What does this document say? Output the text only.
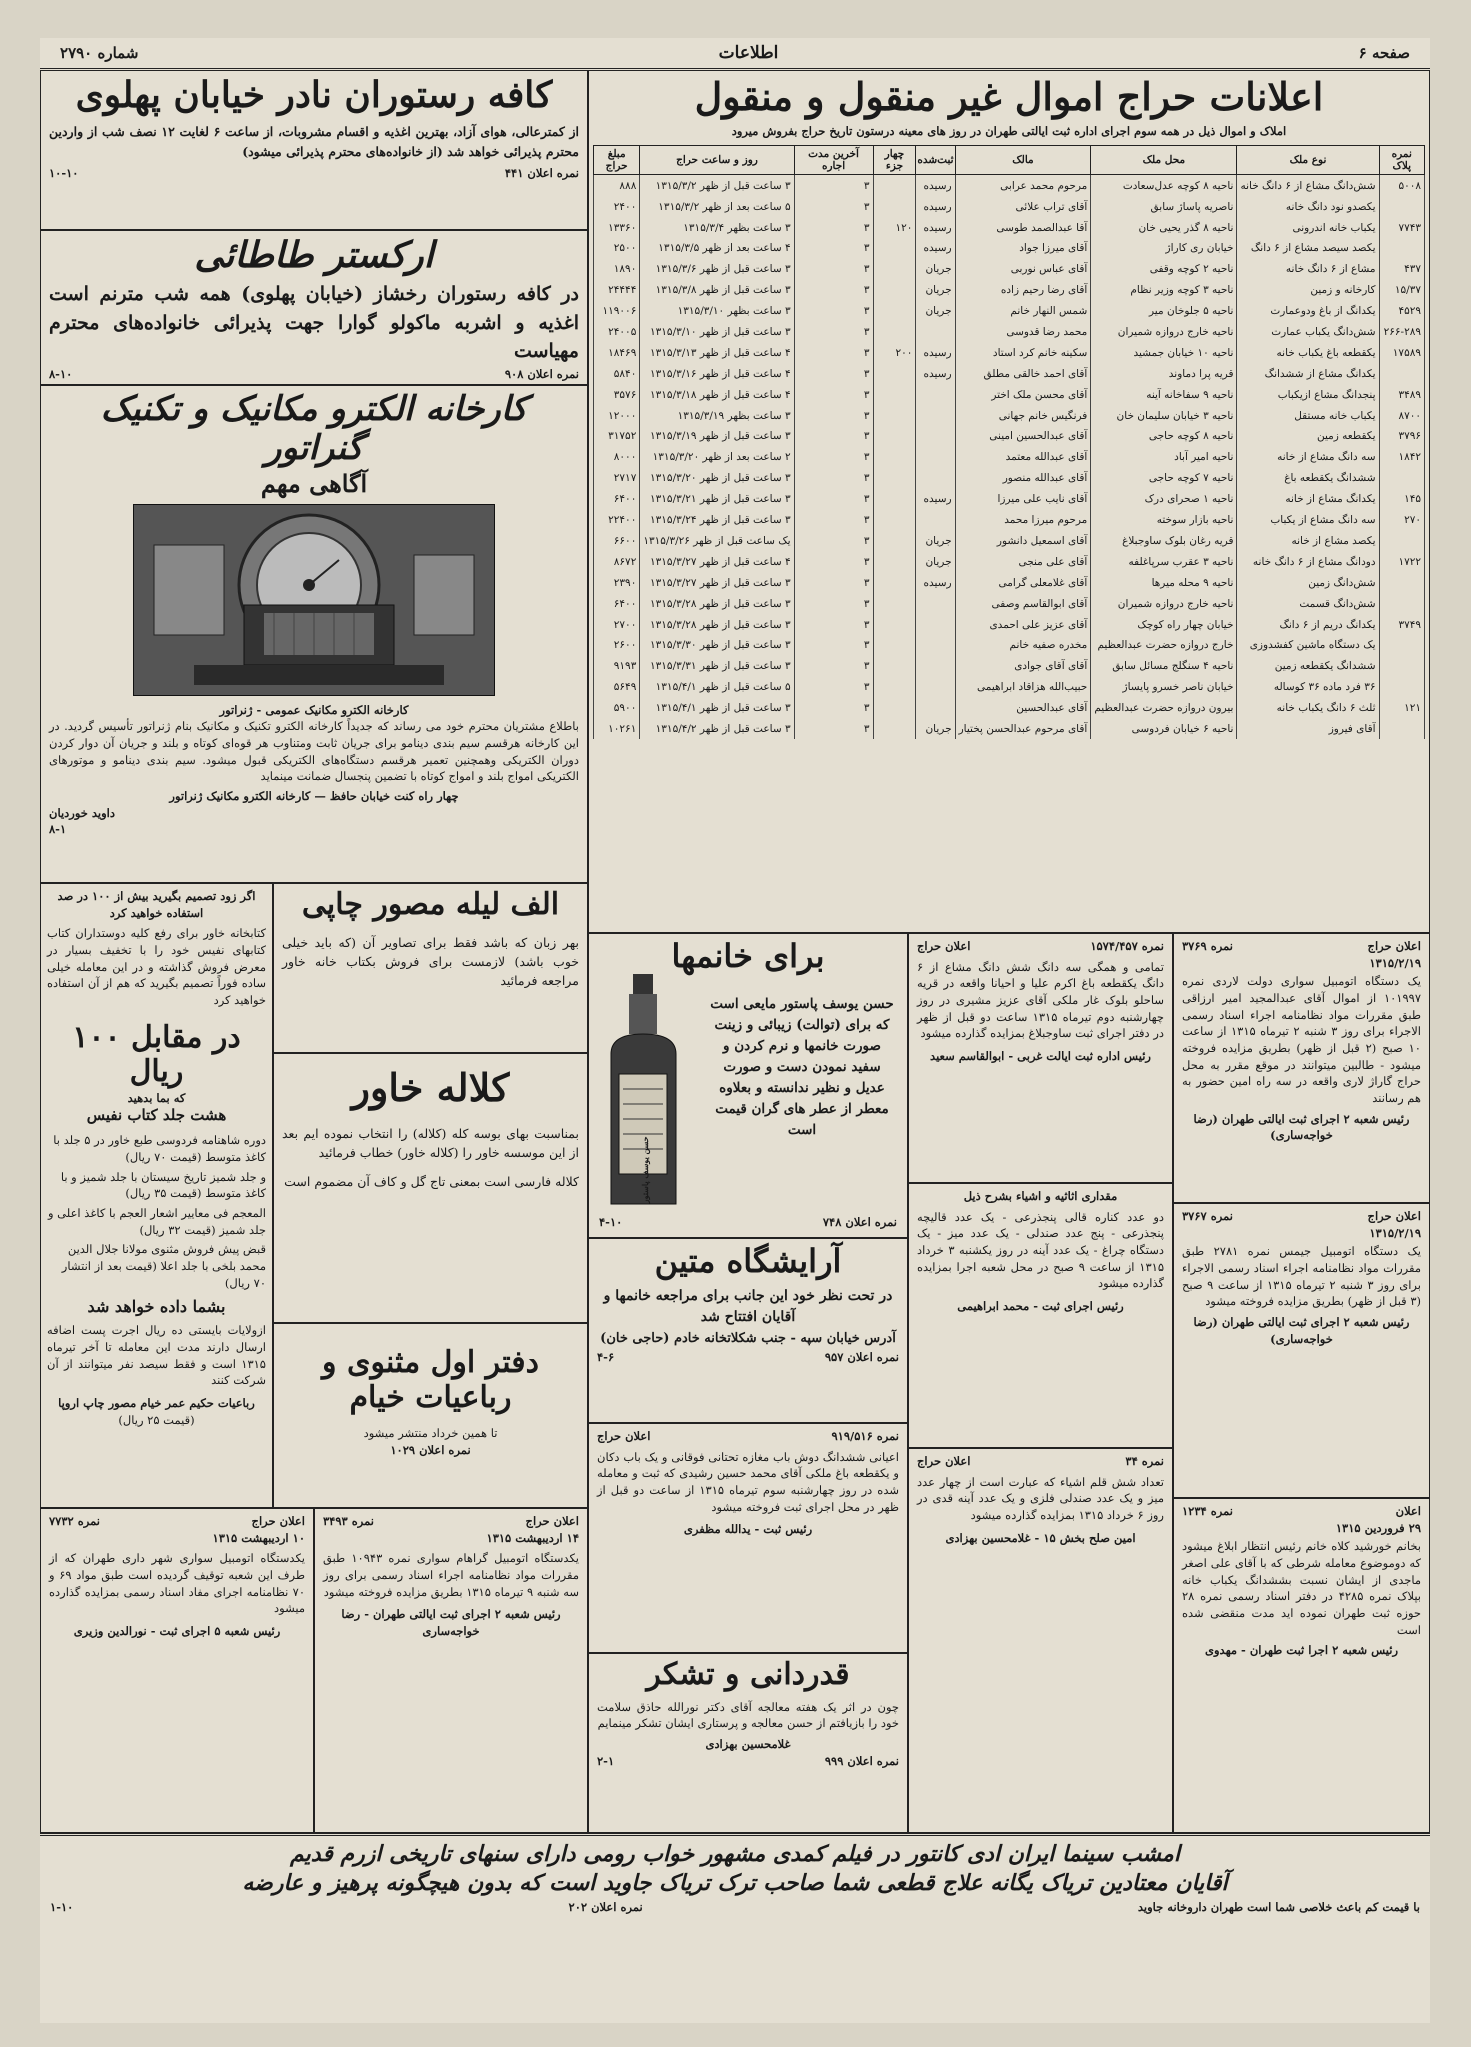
صفحه ۶
اطلاعات
شماره ۲۷۹۰
اعلانات حراج اموال غیر منقول و منقول
املاک و اموال ذیل در همه سوم اجرای اداره ثبت ایالتی طهران در روز های معینه درستون تاریخ حراج بفروش میرود
نمره پلاک	نوع ملک	محل ملک	مالک	ثبت‌شده	چهار جزء	آخرین مدت اجاره	روز و ساعت حراج	مبلغ حراج
۵۰۰۸	شش‌دانگ مشاع از ۶ دانگ خانه	ناحیه ۸ کوچه عدل‌سعادت	مرحوم محمد عرابی	رسیده		۳	۳ ساعت قبل از ظهر ۱۳۱۵/۳/۲	۸۸۸
	یکصدو نود دانگ خانه	ناصریه پاساژ سابق	آقای تراب علائی	رسیده		۳	۵ ساعت بعد از ظهر ۱۳۱۵/۳/۲	۲۴۰۰
۷۷۴۳	یکباب خانه اندرونی	ناحیه ۸ گذر یحیی خان	آقا عبدالصمد طوسی	رسیده	۱۲۰	۳	۳ ساعت بظهر ۱۳۱۵/۳/۴	۱۳۳۶۰
	یکصد سیصد مشاع از ۶ دانگ	خیابان ری کاراژ	آقای میرزا جواد	رسیده		۳	۴ ساعت بعد از ظهر ۱۳۱۵/۳/۵	۲۵۰۰
۴۳۷	مشاع از ۶ دانگ خانه	ناحیه ۲ کوچه وقفی	آقای عباس نوربی	جریان		۳	۳ ساعت قبل از ظهر ۱۳۱۵/۳/۶	۱۸۹۰
۱۵/۳۷	کارخانه و زمین	ناحیه ۳ کوچه وزیر نظام	آقای رضا رحیم زاده	جریان		۳	۳ ساعت قبل از ظهر ۱۳۱۵/۳/۸	۲۴۴۴۴
۴۵۲۹	یکدانگ از باغ ودوعمارت	ناحیه ۵ جلوخان میر	شمس النهار خانم	جریان		۳	۳ ساعت بظهر ۱۳۱۵/۳/۱۰	۱۱۹۰۰۶
۲۶۶-۲۸۹	شش‌دانگ یکباب عمارت	ناحیه خارج دروازه شمیران	محمد رضا قدوسی			۳	۳ ساعت قبل از ظهر ۱۳۱۵/۳/۱۰	۲۴۰۰۵
۱۷۵۸۹	یکقطعه باغ یکباب خانه	ناحیه ۱۰ خیابان جمشید	سکینه خانم کرد استاد	رسیده	۲۰۰	۳	۴ ساعت قبل از ظهر ۱۳۱۵/۳/۱۳	۱۸۴۶۹
	یکدانگ مشاع از ششدانگ	قریه پرا دماوند	آقای احمد خالقی مطلق	رسیده		۳	۴ ساعت قبل از ظهر ۱۳۱۵/۳/۱۶	۵۸۴۰
۳۴۸۹	پنجدانگ مشاع ازیکباب	ناحیه ۹ سفاخانه آینه	آقای محسن ملک اختر			۳	۴ ساعت قبل از ظهر ۱۳۱۵/۳/۱۸	۳۵۷۶
۸۷۰۰	یکباب خانه مستقل	ناحیه ۳ خیابان سلیمان خان	فرنگیس خانم جهانی			۳	۳ ساعت بظهر ۱۳۱۵/۳/۱۹	۱۲۰۰۰
۳۷۹۶	یکقطعه زمین	ناحیه ۸ کوچه حاجی	آقای عبدالحسین امینی			۳	۳ ساعت قبل از ظهر ۱۳۱۵/۳/۱۹	۳۱۷۵۲
۱۸۴۲	سه دانگ مشاع از خانه	ناحیه امیر آباد	آقای عبدالله معتمد			۳	۲ ساعت بعد از ظهر ۱۳۱۵/۳/۲۰	۸۰۰۰
	ششدانگ یکقطعه باغ	ناحیه ۷ کوچه حاجی	آقای عبدالله منصور			۳	۳ ساعت قبل از ظهر ۱۳۱۵/۳/۲۰	۲۷۱۷
۱۴۵	یکدانگ مشاع از خانه	ناحیه ۱ صحرای درک	آقای نایب علی میرزا	رسیده		۳	۳ ساعت قبل از ظهر ۱۳۱۵/۳/۲۱	۶۴۰۰
۲۷۰	سه دانگ مشاع از یکباب	ناحیه بازار سوخته	مرحوم میرزا محمد			۳	۳ ساعت قبل از ظهر ۱۳۱۵/۳/۲۴	۲۲۴۰۰
	یکصد مشاع از خانه	قریه رغان بلوک ساوجبلاغ	آقای اسمعیل دانشور	جریان		۳	یک ساعت قبل از ظهر ۱۳۱۵/۳/۲۶	۶۶۰۰
۱۷۲۲	دودانگ مشاع از ۶ دانگ خانه	ناحیه ۳ عقرب سرپاغلفه	آقای علی منجی	جریان		۳	۴ ساعت قبل از ظهر ۱۳۱۵/۳/۲۷	۸۶۷۲
	شش‌دانگ زمین	ناحیه ۹ محله میرها	آقای غلامعلی گرامی	رسیده		۳	۳ ساعت قبل از ظهر ۱۳۱۵/۳/۲۷	۲۳۹۰
	شش‌دانگ قسمت	ناحیه خارج دروازه شمیران	آقای ابوالقاسم وصفی			۳	۳ ساعت قبل از ظهر ۱۳۱۵/۳/۲۸	۶۴۰۰
۳۷۴۹	یکدانگ دریم از ۶ دانگ	خیابان چهار راه کوچک	آقای عزیز علی احمدی			۳	۳ ساعت قبل از ظهر ۱۳۱۵/۳/۲۸	۲۷۰۰
	یک دستگاه ماشین کفشدوزی	خارج دروازه حضرت عبدالعظیم	مخدره صفیه خانم			۳	۳ ساعت قبل از ظهر ۱۳۱۵/۳/۳۰	۲۶۰۰
	ششدانگ یکقطعه زمین	ناحیه ۴ سنگلج مسائل سابق	آقای آقای جوادی			۳	۳ ساعت قبل از ظهر ۱۳۱۵/۳/۳۱	۹۱۹۳
	۳۶ فرد ماده ۳۶ کوساله	خیابان ناصر خسرو پایساژ	حبیب‌الله هزاقاد ابراهیمی			۳	۵ ساعت قبل از ظهر ۱۳۱۵/۴/۱	۵۶۴۹
۱۲۱	ثلث ۶ دانگ یکباب خانه	بیرون دروازه حضرت عبدالعظیم	آقای عبدالحسین			۳	۳ ساعت قبل از ظهر ۱۳۱۵/۴/۱	۵۹۰۰
	آقای فیروز	ناحیه ۶ خیابان فردوسی	آقای مرحوم عبدالحسن پختیار	جریان		۳	۳ ساعت قبل از ظهر ۱۳۱۵/۴/۲	۱۰۲۶۱
کافه رستوران نادر خیابان پهلوی
از کمترعالی، هوای آزاد، بهترین اغذیه و اقسام مشروبات، از ساعت ۶ لغایت ۱۲ نصف شب از واردین محترم پذیرائی خواهد شد (از خانواده‌های محترم پذیرائی میشود)
نمره اعلان ۴۴۱
۱۰-۱۰
ارکستر طاطائی
در کافه رستوران رخشاز (خیابان پهلوی) همه شب مترنم است اغذیه و اشربه ماکولو گوارا جهت پذیرائی خانواده‌های محترم مهیاست
نمره اعلان ۹۰۸
۸-۱۰
کارخانه الکترو مکانیک و تکنیک گنراتور
آگاهی مهم
کارخانه الکترو مکانیک عمومی - ژنراتور
باطلاع مشتریان محترم خود می رساند که جدیداً کارخانه الکترو تکنیک و مکانیک بنام ژنراتور تأسیس گردید. در این کارخانه هرقسم سیم بندی دینامو برای جریان ثابت ومتناوب هر قوه‌ای کوتاه و بلند و جریان آن دوار کردن دوران الکتریکی وهمچنین تعمیر هرقسم دستگاه‌های الکتریکی قبول میشود. سیم بندی دینامو و موتورهای الکتریکی امواج بلند و امواج کوتاه با تضمین پنجسال ضمانت مینماید
چهار راه کنت خیابان حافظ — کارخانه الکترو مکانیک ژنراتور
داوید خوردیان
۸-۱
اگر زود تصمیم بگیرید بیش از ۱۰۰ در صد استفاده خواهید کرد
کتابخانه خاور برای رفع کلیه دوستداران کتاب کتابهای نفیس خود را با تخفیف بسیار در معرض فروش گذاشته و در این معامله خیلی ساده فوراً تصمیم بگیرید که هم از آن استفاده خواهید کرد
در مقابل ۱۰۰ ریال
که بما بدهید
هشت جلد کتاب نفیس
دوره شاهنامه فردوسی طبع خاور در ۵ جلد با کاغذ متوسط (قیمت ۷۰ ریال)
و جلد شمیز تاریخ سیستان با جلد شمیز و با کاغذ متوسط (قیمت ۳۵ ریال)
المعجم فی معاییر اشعار العجم با کاغذ اعلی و جلد شمیز (قیمت ۳۲ ریال)
قبض پیش فروش مثنوی مولانا جلال الدین محمد بلخی با جلد اعلا (قیمت بعد از انتشار ۷۰ ریال)
بشما داده خواهد شد
ازولایات بایستی ده ریال اجرت پست اضافه ارسال دارند مدت این معامله تا آخر تیرماه ۱۳۱۵ است و فقط سیصد نفر میتوانند از آن شرکت کنند
رباعیات حکیم عمر خیام مصور چاپ اروپا
(قیمت ۲۵ ریال)
الف لیله مصور چاپی
بهر زبان که باشد فقط برای تصاویر آن (که باید خیلی خوب باشد) لازمست برای فروش بکتاب خانه خاور مراجعه فرمائید
کلاله خاور
بمناسبت بهای بوسه کله (کلاله) را انتخاب نموده ایم بعد از این موسسه خاور را (کلاله خاور) خطاب فرمائید
کلاله فارسی است بمعنی تاج گل و کاف آن مضموم است
دفتر اول مثنوی و رباعیات خیام
تا همین خرداد منتشر میشود
نمره اعلان ۱۰۲۹
برای خانمها
حسن یوسف پاستور
حسن یوسف پاستور مایعی است که برای (توالت) زیبائی و زینت صورت خانمها و نرم کردن و سفید نمودن دست و صورت عدیل و نظیر ندانسته و بعلاوه معطر از عطر های گران قیمت است
نمره اعلان ۷۴۸
۴-۱۰
آرایشگاه متین
در تحت نظر خود این جانب برای مراجعه خانمها و آقایان افتتاح شد
آدرس خیابان سپه - جنب شکلاتخانه خادم (حاجی خان)
نمره اعلان ۹۵۷
۴-۶
نمره ۹۱۹/۵۱۶
اعلان حراج
اعیانی ششدانگ دوش باب مغازه تحتانی فوقانی و یک باب دکان و یکقطعه باغ ملکی آقای محمد حسین رشیدی که ثبت و معامله شده در روز چهارشنبه سوم تیرماه ۱۳۱۵ از ساعت دو قبل از ظهر در محل اجرای ثبت فروخته میشود
رئیس ثبت - یدالله مظفری
قدردانی و تشکر
چون در اثر یک هفته معالجه آقای دکتر نورالله حاذق سلامت خود را بازیافتم از حسن معالجه و پرستاری ایشان تشکر مینمایم
غلامحسین بهزادی
نمره اعلان ۹۹۹
۲-۱
نمره ۱۵۷۴/۴۵۷
اعلان حراج
تمامی و همگی سه دانگ شش دانگ مشاع از ۶ دانگ یکقطعه باغ اکرم علیا و احیانا واقعه در قریه ساحلو بلوک غار ملکی آقای عزیز مشیری در روز چهارشنبه دوم تیرماه ۱۳۱۵ ساعت دو قبل از ظهر در دفتر اجرای ثبت ساوجبلاغ بمزایده گذارده میشود
رئیس اداره ثبت ایالت غربی - ابوالقاسم سعید
مقداری اثاثیه و اشیاء بشرح ذیل
دو عدد کناره قالی پنجذرعی - یک عدد قالیچه پنجذرعی - پنج عدد صندلی - یک عدد میز - یک دستگاه چراغ - یک عدد آینه در روز یکشنبه ۳ خرداد ۱۳۱۵ از ساعت ۹ صبح در محل شعبه اجرا بمزایده گذارده میشود
رئیس اجرای ثبت - محمد ابراهیمی
نمره ۳۴
اعلان حراج
تعداد شش قلم اشیاء که عبارت است از چهار عدد میز و یک عدد صندلی فلزی و یک عدد آینه قدی در روز ۶ خرداد ۱۳۱۵ بمزایده گذارده میشود
امین صلح بخش ۱۵ - غلامحسین بهزادی
اعلان حراج
نمره ۳۷۶۹
۱۳۱۵/۲/۱۹
یک دستگاه اتومبیل سواری دولت لاردی نمره ۱۰۱۹۹۷ از اموال آقای عبدالمجید امیر ارزاقی طبق مقررات مواد نظامنامه اجراء اسناد رسمی الاجراء برای روز ۳ شنبه ۲ تیرماه ۱۳۱۵ از ساعت ۱۰ صبح (۲ قبل از ظهر) بطریق مزایده فروخته میشود - طالبین میتوانند در موقع مقرر به محل حراج گاراژ لاری واقعه در سه راه امین حضور به هم رسانند
رئیس شعبه ۲ اجرای ثبت ایالتی طهران (رضا خواجه‌ساری)
اعلان حراج
نمره ۳۷۶۷
۱۳۱۵/۲/۱۹
یک دستگاه اتومبیل جیمس نمره ۲۷۸۱ طبق مقررات مواد نظامنامه اجراء اسناد رسمی الاجراء برای روز ۳ شنبه ۲ تیرماه ۱۳۱۵ از ساعت ۹ صبح (۳ قبل از ظهر) بطریق مزایده فروخته میشود
رئیس شعبه ۲ اجرای ثبت ایالتی طهران (رضا خواجه‌ساری)
اعلان
نمره ۱۲۳۴
۲۹ فروردین ۱۳۱۵
بخانم خورشید کلاه خانم رئیس انتظار ابلاغ میشود که دوموضوع معامله شرطی که با آقای علی اصغر ماجدی از ایشان نسبت بششدانگ یکباب خانه بپلاک نمره ۴۲۸۵ در دفتر اسناد رسمی نمره ۲۸ حوزه ثبت طهران نموده اید مدت منقضی شده است
رئیس شعبه ۲ اجرا ثبت طهران - مهدوی
اعلان حراج
نمره ۷۷۳۲
۱۰ اردیبهشت ۱۳۱۵
یکدستگاه اتومبیل سواری شهر داری طهران که از طرف این شعبه توقیف گردیده است طبق مواد ۶۹ و ۷۰ نظامنامه اجرای مفاد اسناد رسمی بمزایده گذارده میشود
رئیس شعبه ۵ اجرای ثبت - نورالدین وزیری
اعلان حراج
نمره ۳۴۹۳
۱۴ اردیبهشت ۱۳۱۵
یکدستگاه اتومبیل گراهام سواری نمره ۱۰۹۴۳ طبق مقررات مواد نظامنامه اجراء اسناد رسمی برای روز سه شنبه ۹ تیرماه ۱۳۱۵ بطریق مزایده فروخته میشود
رئیس شعبه ۲ اجرای ثبت ایالتی طهران - رضا خواجه‌ساری
امشب سینما ایران ادی کانتور در فیلم کمدی مشهور خواب رومی دارای سنهای تاریخی ازرم قدیم
آقایان معتادین تریاک یگانه علاج قطعی شما صاحب ترک تریاک جاوید است که بدون هیچگونه پرهیز و عارضه
با قیمت کم باعث خلاصی شما است طهران داروخانه جاوید
نمره اعلان ۲۰۲
۱-۱۰
